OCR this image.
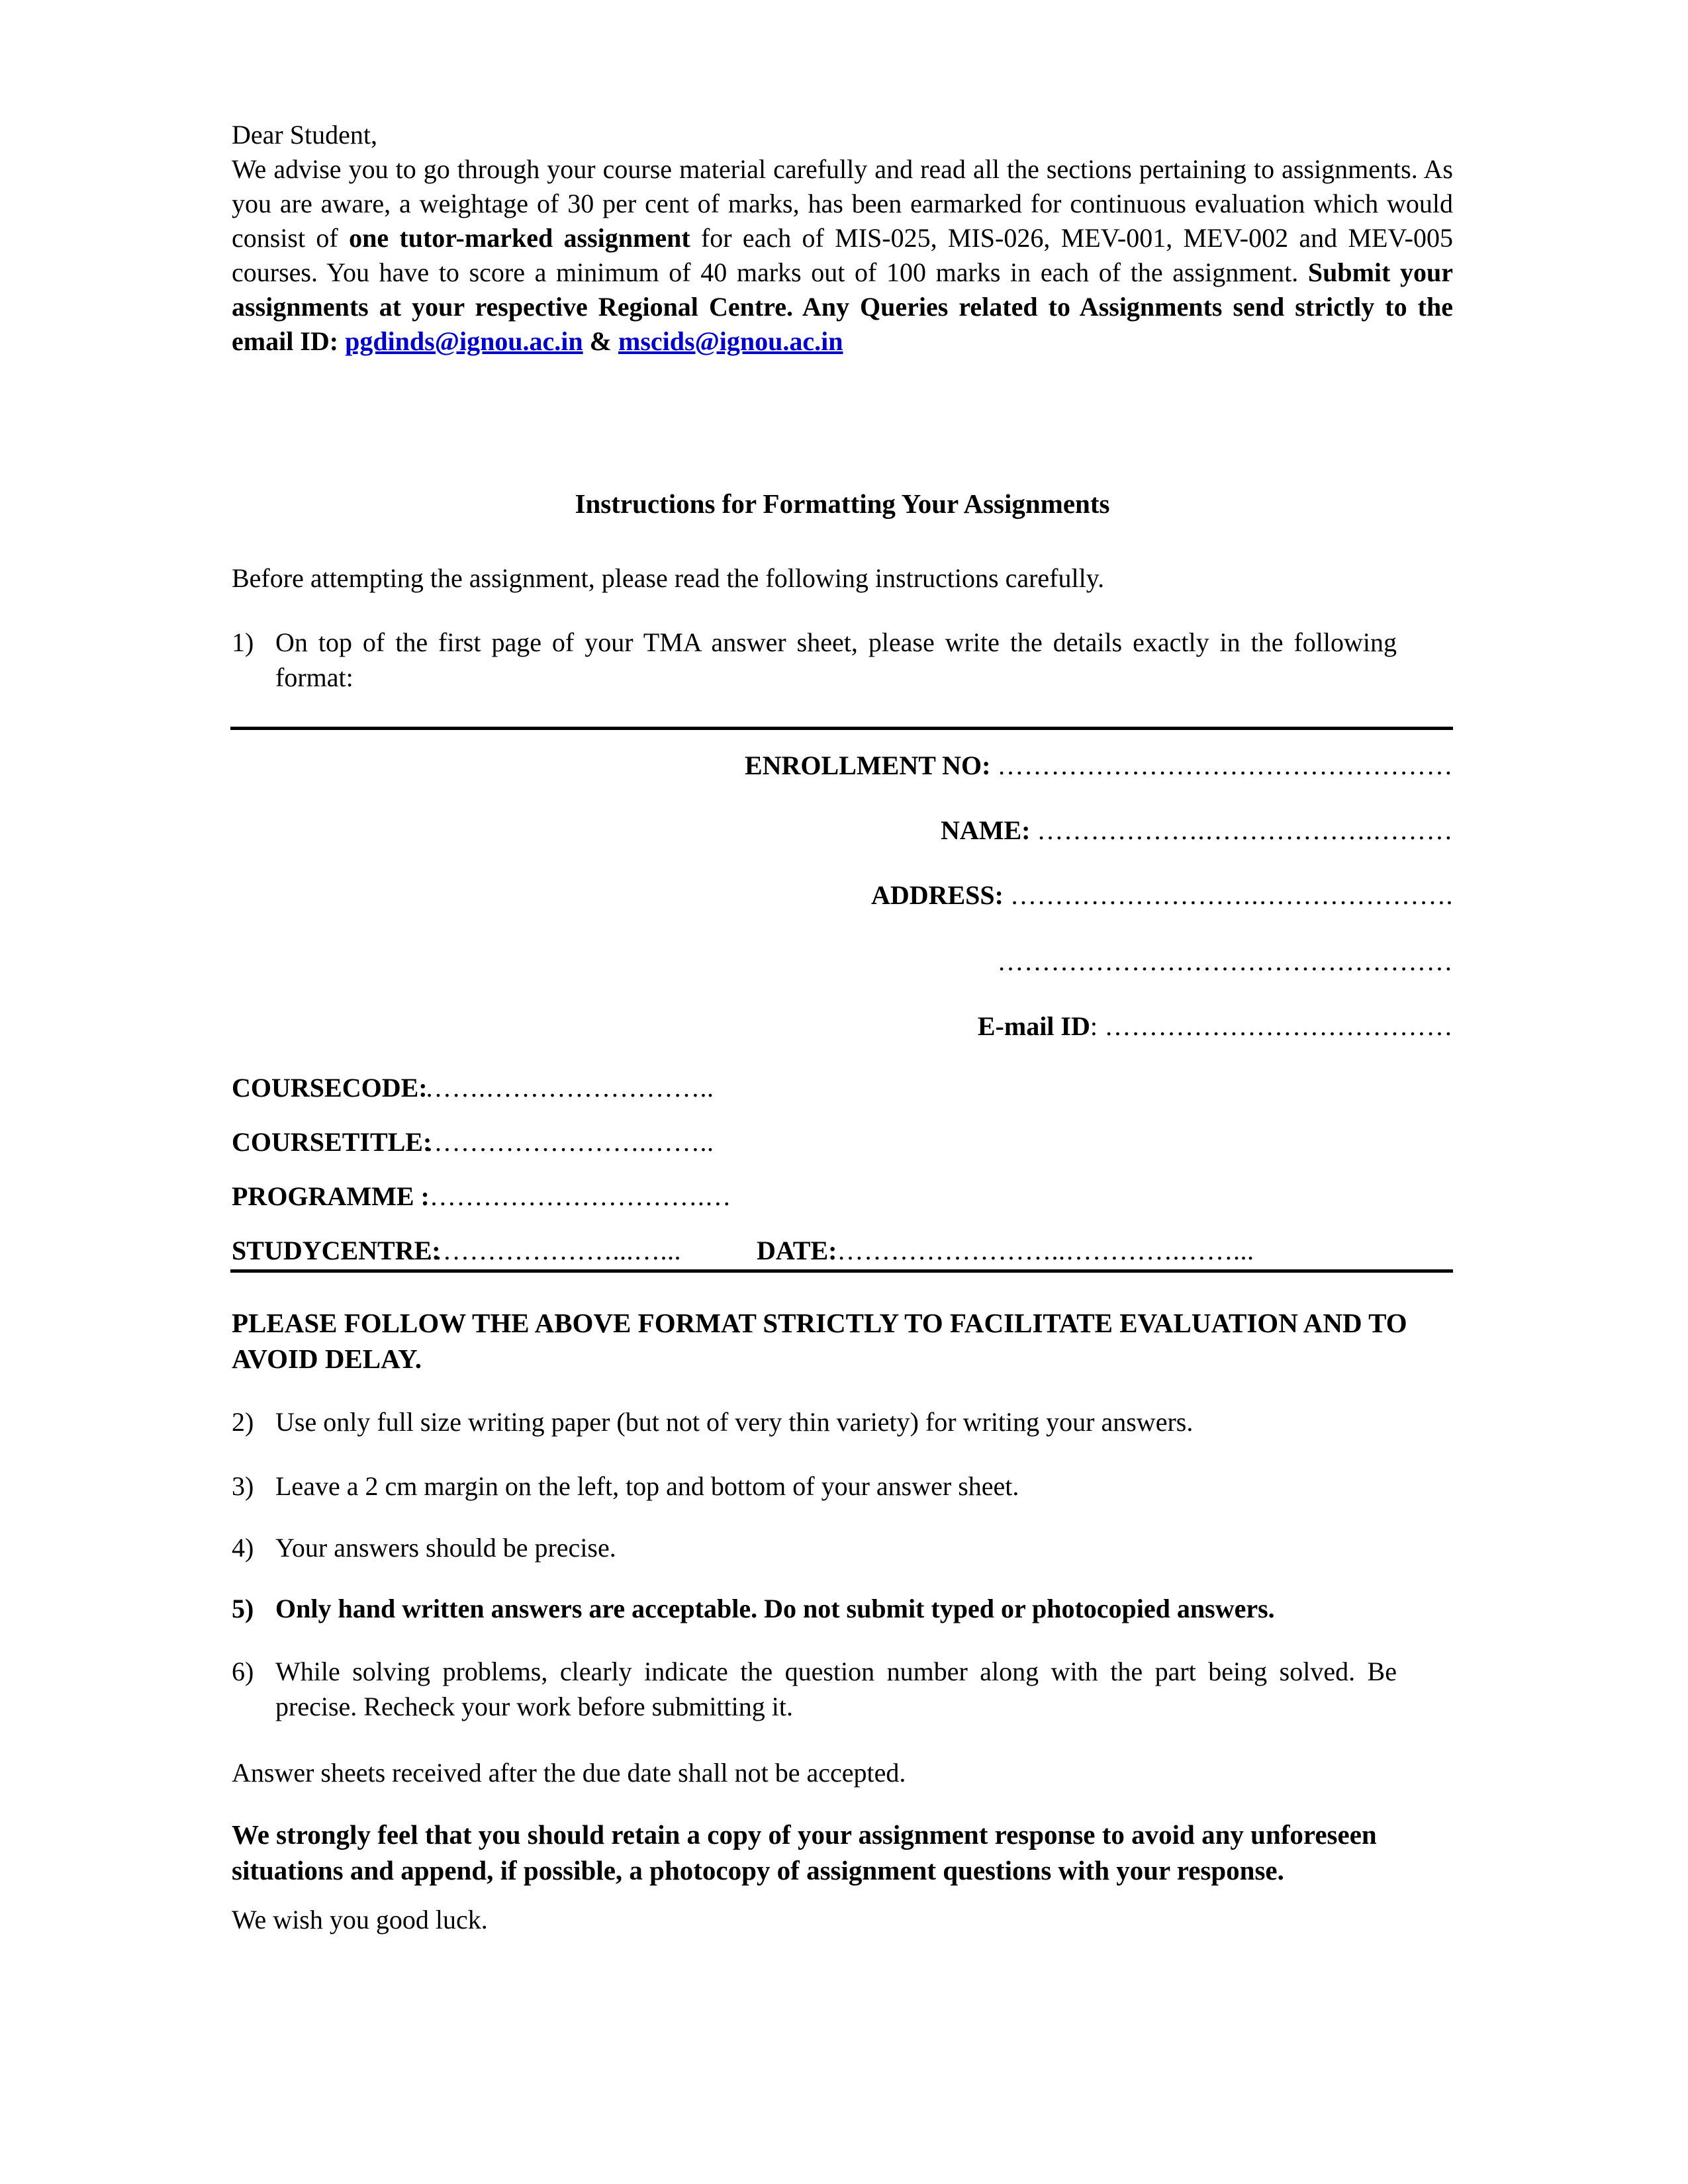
Dear Student,
We advise you to go through your course material carefully and read all the sections pertaining to assignments. As you are aware, a weightage of 30 per cent of marks, has been earmarked for continuous evaluation which would consist of one tutor-marked assignment for each of MIS-025, MIS-026, MEV-001, MEV-002 and MEV-005 courses. You have to score a minimum of 40 marks out of 100 marks in each of the assignment. Submit your assignments at your respective Regional Centre. Any Queries related to Assignments send strictly to the email ID: pgdinds@ignou.ac.in & mscids@ignou.ac.in
Instructions for Formatting Your Assignments
Before attempting the assignment, please read the following instructions carefully.
1) On top of the first page of your TMA answer sheet, please write the details exactly in the following format:
ENROLLMENT NO: ……………………………………………
NAME: ……………….……………….………
ADDRESS: ……………………….………………….
……………………………………………
E-mail ID: …………………………………
COURSECODE: …….……………………..
COURSETITLE: …………………….……..
PROGRAMME :………………………….…
STUDYCENTRE: …………………...…...	DATE:……………………..………….……...
PLEASE FOLLOW THE ABOVE FORMAT STRICTLY TO FACILITATE EVALUATION AND TO AVOID DELAY.
2) Use only full size writing paper (but not of very thin variety) for writing your answers.
3) Leave a 2 cm margin on the left, top and bottom of your answer sheet.
4) Your answers should be precise.
5) Only hand written answers are acceptable. Do not submit typed or photocopied answers.
6) While solving problems, clearly indicate the question number along with the part being solved. Be precise. Recheck your work before submitting it.
Answer sheets received after the due date shall not be accepted.
We strongly feel that you should retain a copy of your assignment response to avoid any unforeseen situations and append, if possible, a photocopy of assignment questions with your response.
We wish you good luck.
